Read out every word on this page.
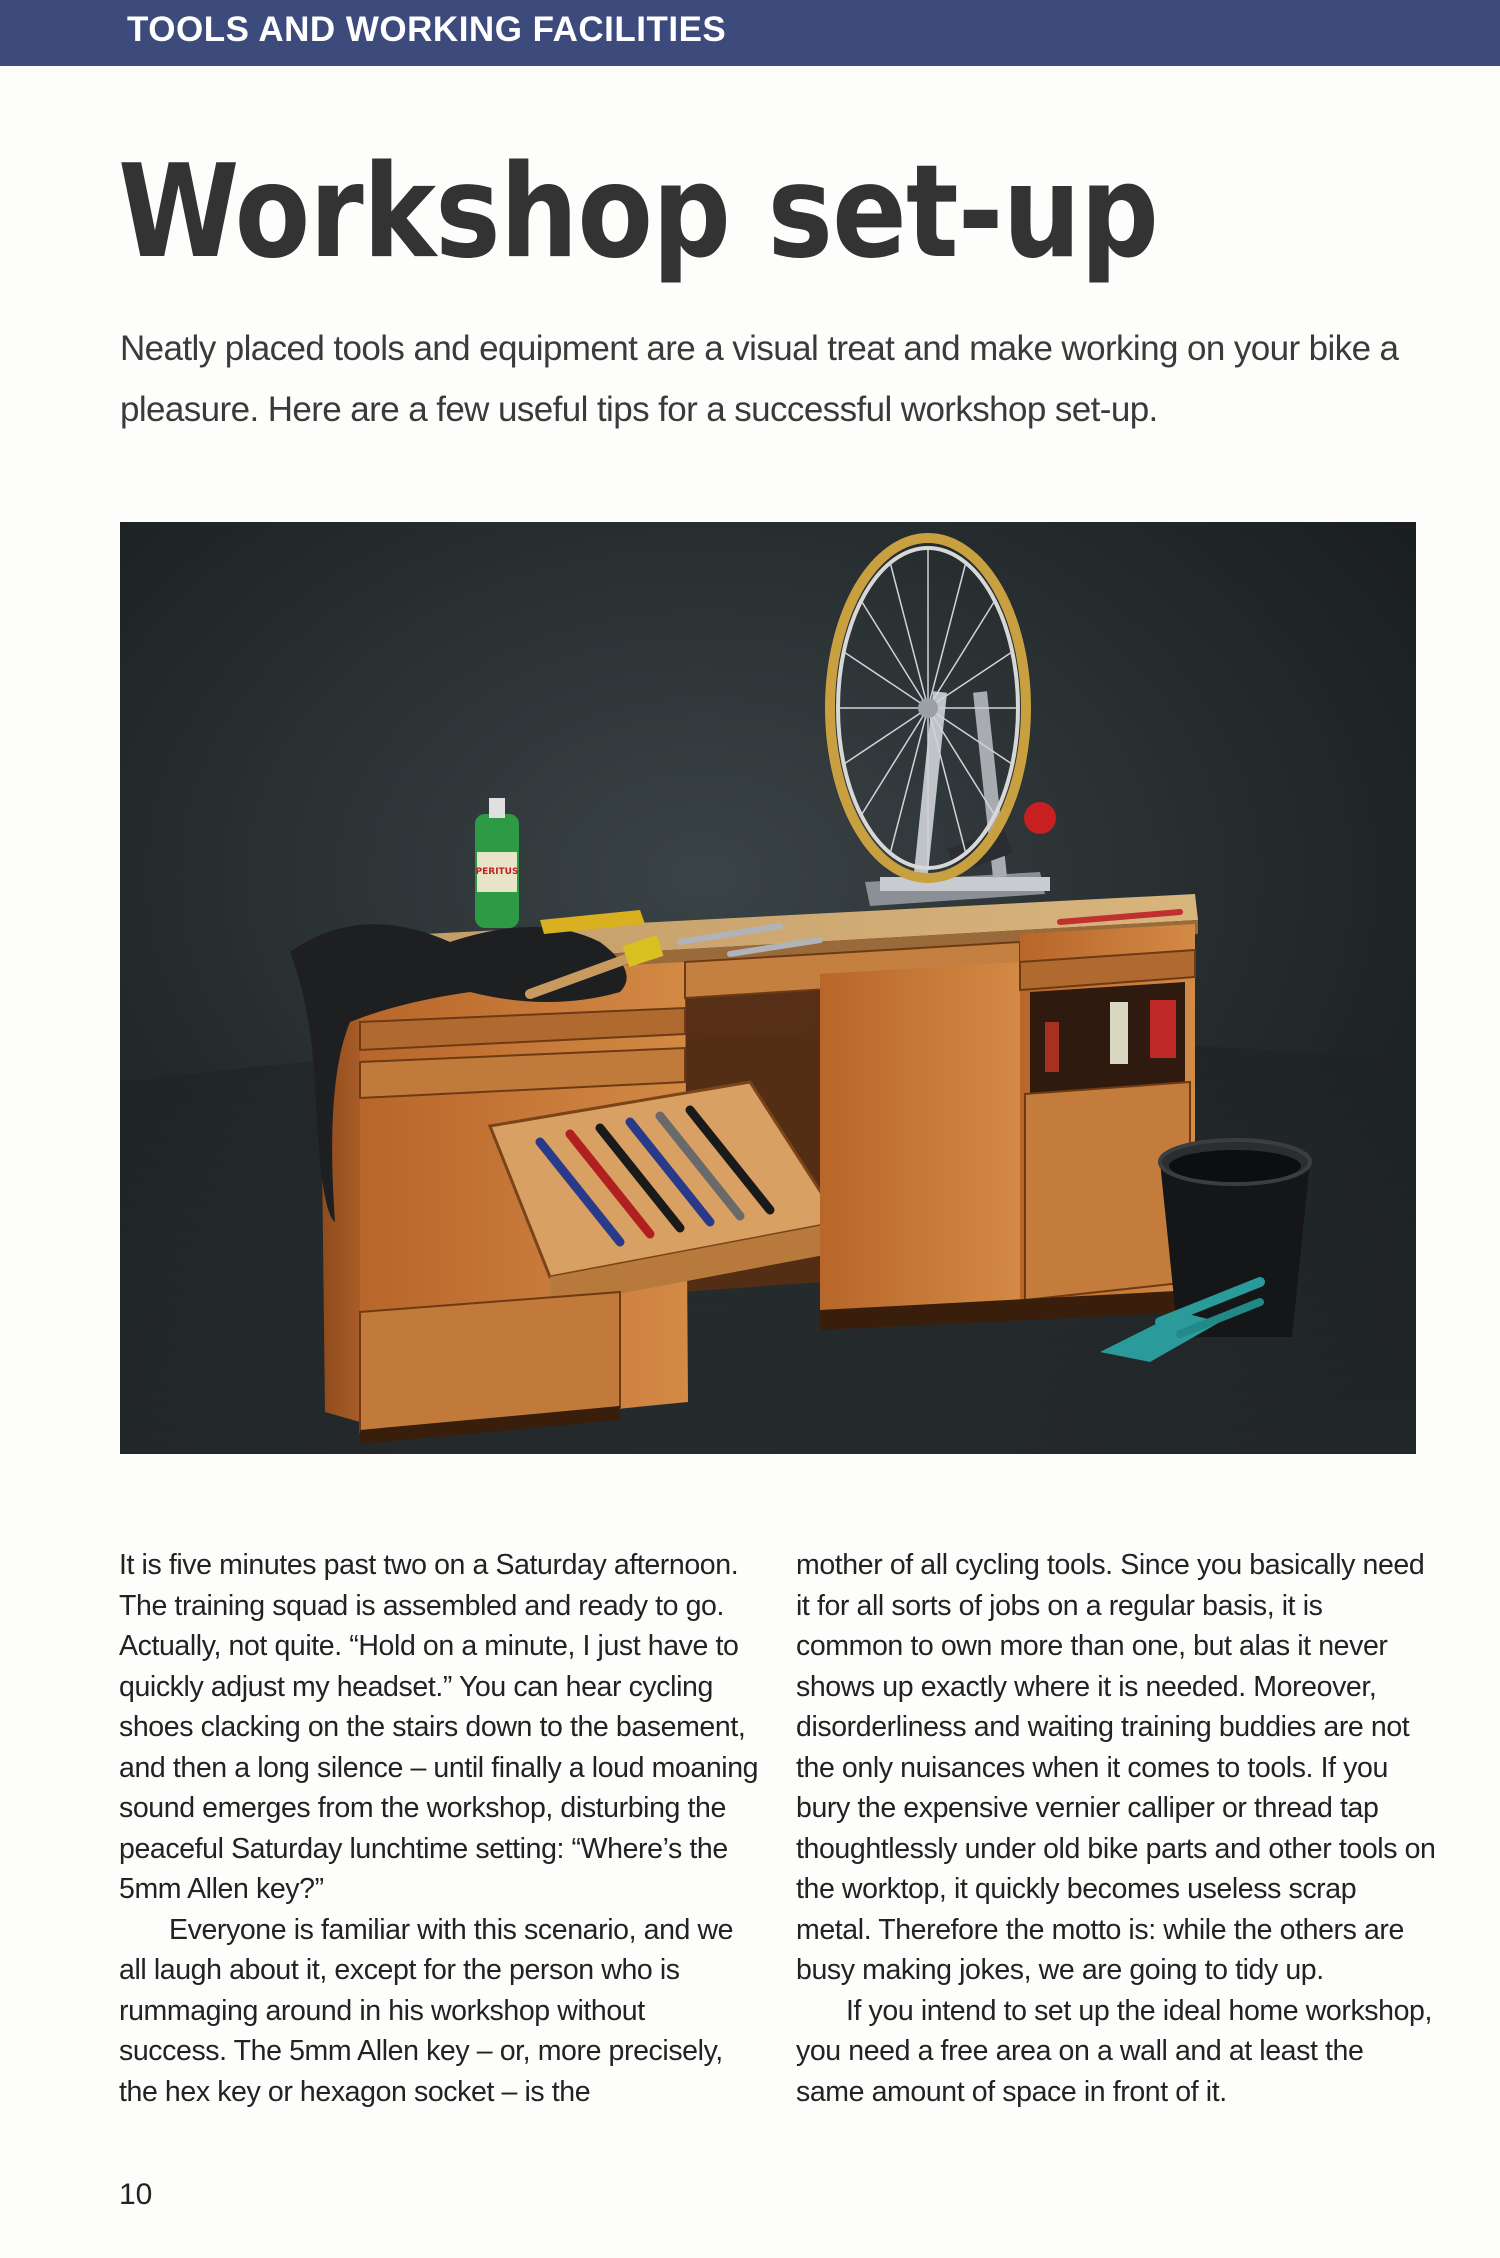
TOOLS AND WORKING FACILITIES
Workshop set-up

Neatly placed tools and equipment are a visual treat and make working on your bike a pleasure. Here are a few useful tips for a successful workshop set-up.

PERITUS

It is five minutes past two on a Saturday afternoon. The training squad is assembled and ready to go. Actually, not quite. “Hold on a minute, I just have to quickly adjust my headset.” You can hear cycling shoes clacking on the stairs down to the basement, and then a long silence – until finally a loud moaning sound emerges from the workshop, disturbing the peaceful Saturday lunchtime setting: “Where’s the 5mm Allen key?”

Everyone is familiar with this scenario, and we all laugh about it, except for the person who is rummaging around in his workshop without success. The 5mm Allen key – or, more precisely, the hex key or hexagon socket – is the

mother of all cycling tools. Since you basically need it for all sorts of jobs on a regular basis, it is common to own more than one, but alas it never shows up exactly where it is needed. Moreover, disorderliness and waiting training buddies are not the only nuisances when it comes to tools. If you bury the expensive vernier calliper or thread tap thoughtlessly under old bike parts and other tools on the worktop, it quickly becomes useless scrap metal. Therefore the motto is: while the others are busy making jokes, we are going to tidy up.

If you intend to set up the ideal home workshop, you need a free area on a wall and at least the same amount of space in front of it.

10
